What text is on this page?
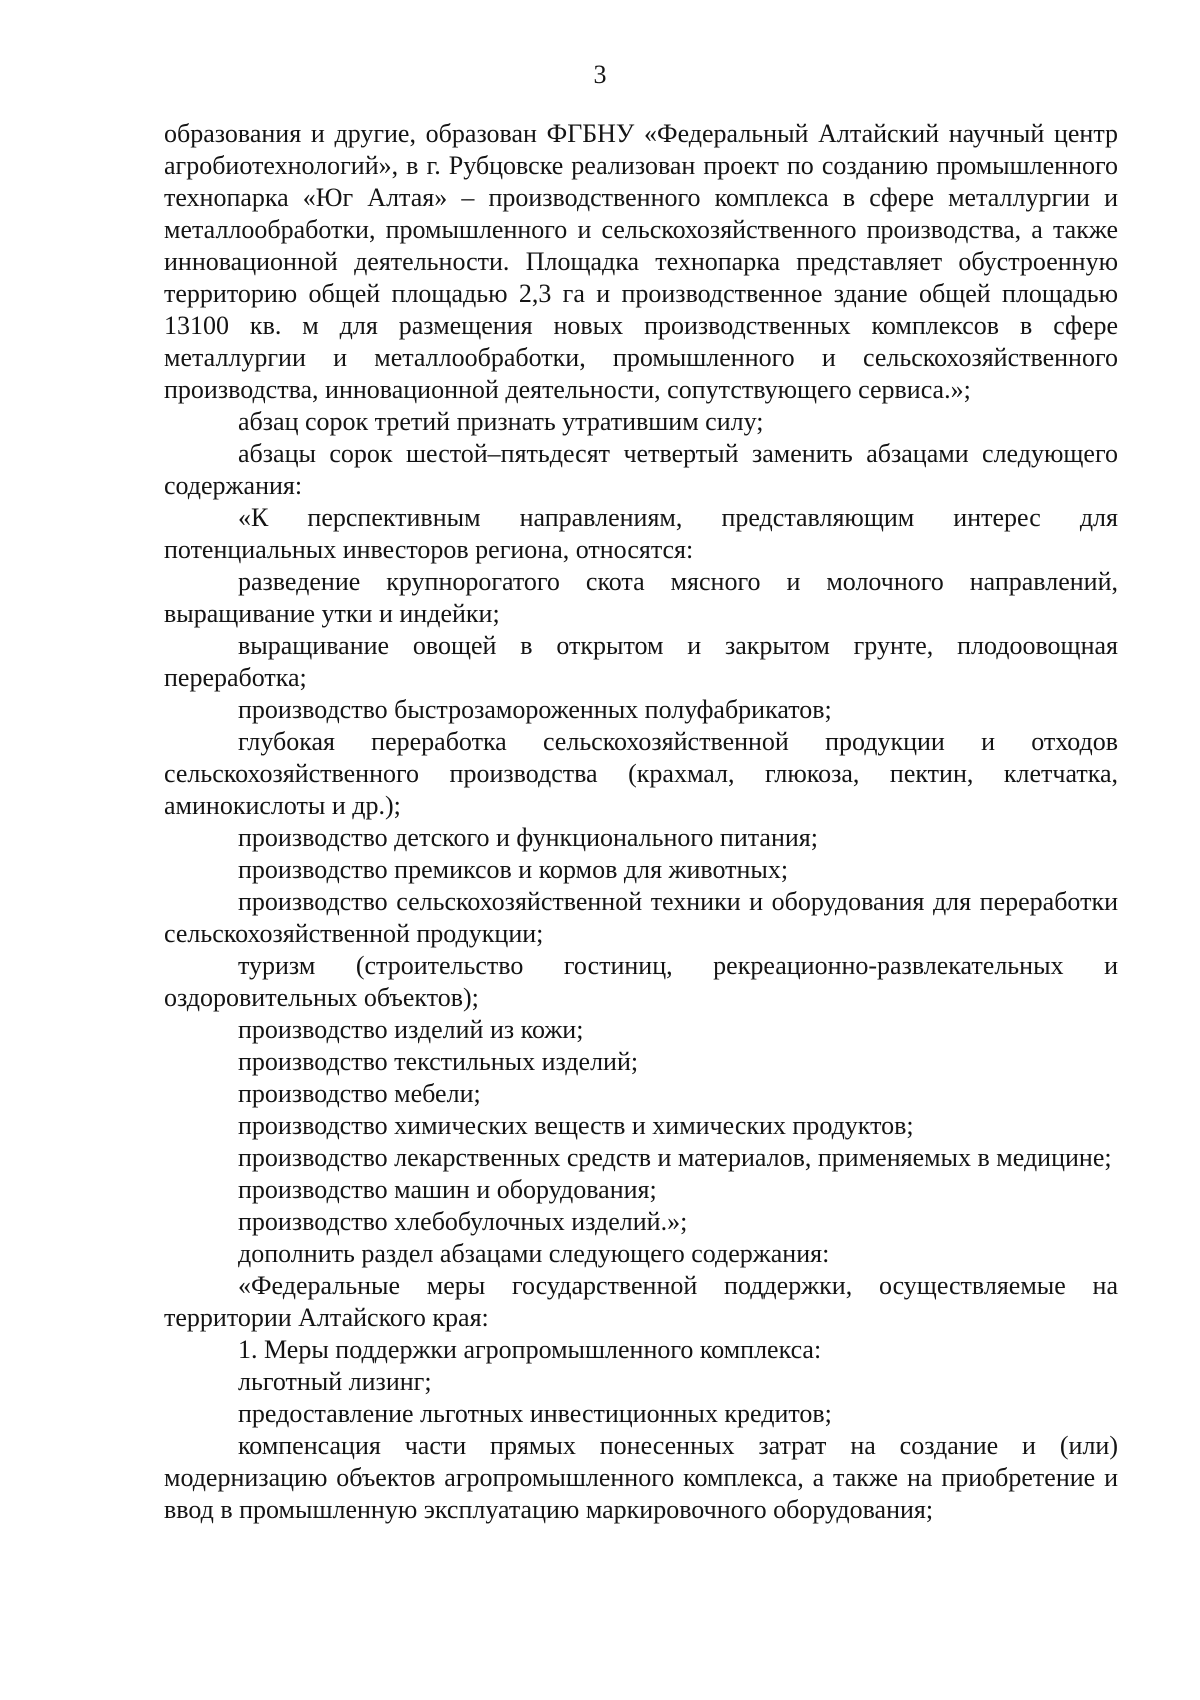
3

образования и другие, образован ФГБНУ «Федеральный Алтайский научный центр агробиотехнологий», в г. Рубцовске реализован проект по созданию промышленного технопарка «Юг Алтая» – производственного комплекса в сфере металлургии и металлообработки, промышленного и сельскохозяйственного производства, а также инновационной деятельности. Площадка технопарка представляет обустроенную территорию общей площадью 2,3 га и производственное здание общей площадью 13100 кв. м для размещения новых производственных комплексов в сфере металлургии и металлообработки, промышленного и сельскохозяйственного производства, инновационной деятельности, сопутствующего сервиса.»;

абзац сорок третий признать утратившим силу;

абзацы сорок шестой–пятьдесят четвертый заменить абзацами следующего содержания:

«К перспективным направлениям, представляющим интерес для потенциальных инвесторов региона, относятся:

разведение крупнорогатого скота мясного и молочного направлений, выращивание утки и индейки;

выращивание овощей в открытом и закрытом грунте, плодоовощная переработка;

производство быстрозамороженных полуфабрикатов;

глубокая переработка сельскохозяйственной продукции и отходов сельскохозяйственного производства (крахмал, глюкоза, пектин, клетчатка, аминокислоты и др.);

производство детского и функционального питания;

производство премиксов и кормов для животных;

производство сельскохозяйственной техники и оборудования для переработки сельскохозяйственной продукции;

туризм (строительство гостиниц, рекреационно-развлекательных и оздоровительных объектов);

производство изделий из кожи;

производство текстильных изделий;

производство мебели;

производство химических веществ и химических продуктов;

производство лекарственных средств и материалов, применяемых в медицине;

производство машин и оборудования;

производство хлебобулочных изделий.»;

дополнить раздел абзацами следующего содержания:

«Федеральные меры государственной поддержки, осуществляемые на территории Алтайского края:

1. Меры поддержки агропромышленного комплекса:

льготный лизинг;

предоставление льготных инвестиционных кредитов;

компенсация части прямых понесенных затрат на создание и (или) модернизацию объектов агропромышленного комплекса, а также на приобретение и ввод в промышленную эксплуатацию маркировочного оборудования;
